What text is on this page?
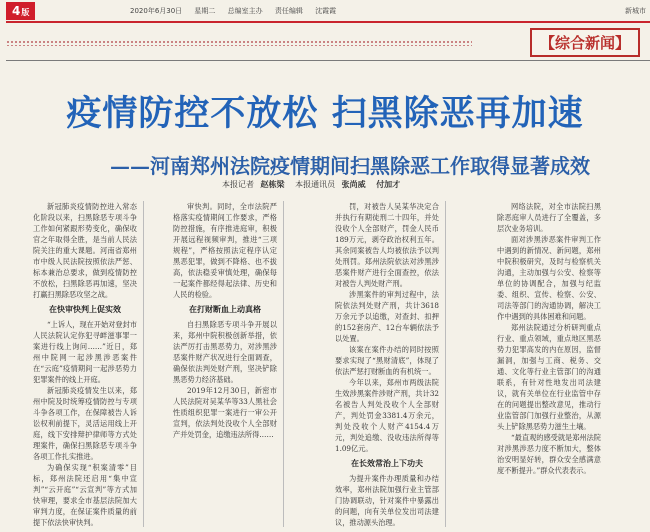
4版	2020年6月30日 星期二 总编室主办 责任编辑 沈霞霞	新城市
【综合新闻】
疫情防控不放松 扫黑除恶再加速
——河南郑州法院疫情期间扫黑除恶工作取得显著成效
本报记者 赵栋梁 本报通讯员 张尚威 付加才

新冠肺炎疫情防控进入常态化阶段以来，扫黑除恶专项斗争工作如何紧跟形势变化，确保收官之年取得全胜，是当前人民法院关注的重大课题。河南省郑州市中级人民法院按照依法严惩、标本兼治总要求，做到疫情防控不放松，扫黑除恶再加速，坚决打赢扫黑除恶攻坚之战。

在快审快判上促实效

“上诉人，现在开始对登封市人民法院认定你犯寻衅滋事罪一案进行线上询问……”近日，郑州中院网一起涉黑涉恶案件在“云庭”疫情期间一起涉恶势力犯罪案件的线上开庭。

新冠肺炎疫情发生以来，郑州中院及时统筹疫情防控与专项斗争各项工作，在保障被告人诉讼权利前提下，灵活运用线上开庭，线下安排辩护律师等方式处理案件，确保扫黑除恶专项斗争各项工作扎实推进。

为确保实现“积案清零”目标，郑州法院还启用“集中宣判”“云开庭”“云宣判”等方式加快审理，要求全市基层法院加大审判力度，在保证案件质量的前提下依法快审快判。

审快判。同时，全市法院严格落实疫情期间工作要求，严格防控措施，有序推进庭审，积极开展远程视频审判，推进“三项规程”，严格按照法定程序认定黑恶犯罪，做到不降格、也不拔高，依法稳妥审慎处理，确保每一起案件都经得起法律、历史和人民的检验。

在打财断血上动真格

自扫黑除恶专项斗争开展以来，郑州中院积极创新举措，依法严厉打击黑恶势力，对涉黑涉恶案件财产状况进行全面调查，确保依法判处财产刑，坚决铲除黑恶势力经济基础。

2019年12月30日，新密市人民法院对吴某华等33人黑社会性质组织犯罪一案进行一审公开宣判，依法判处没收个人全部财产并处罚金，追缴违法所得……

罚，对被告人吴某华决定合并执行有期徒刑二十四年，并处没收个人全部财产，罚金人民币189万元，剥夺政治权利五年。其余同案被告人均被依法予以判处刑罚。郑州法院依法对涉黑涉恶案件财产进行全面查控，依法对被告人判处财产刑。

涉黑案件的审判过程中，法院依法判处财产刑，共计3618万余元予以追缴，对查封、扣押的152套房产、12台车辆依法予以处置。

该案在案件办结的同时按照要求实现了“黑财清底”，体现了依法严惩打财断血的有机统一。

今年以来，郑州市两级法院生效涉黑案件涉财产刑，共计32名被告人判处没收个人全部财产，判处罚金3381.4万余元，判处没收个人财产4154.4万元，判处追缴、没收违法所得等1.09亿元。

在长效常治上下功夫

为提升案件办理质量和办结效率，郑州法院加强行业主管部门协调联动，针对案件中暴露出的问题，向有关单位发出司法建议，推动源头治理。

网络法院，对全市法院扫黑除恶庭审人员进行了全覆盖，多层次业务培训。

面对涉黑涉恶案件审判工作中遇到的新情况、新问题，郑州中院积极研究，及时与检察机关沟通，主动加强与公安、检察等单位的协调配合，加强与纪监委、组织、宣传、检察、公安、司法等部门的沟通协调，解决工作中遇到的具体困难和问题。

郑州法院通过分析研判重点行业、重点领域，重点地区黑恶势力犯罪高发的内在原因，监督漏洞，加强与工商、税务、交通、文化等行业主管部门的沟通联系，有针对性地发出司法建议，就有关单位在行业监管中存在的问题提出整改意见，推动行业监管部门加强行业整治，从源头上铲除黑恶势力滋生土壤。

“最直观的感受就是郑州法院对涉黑涉恶力度不断加大，整体治安明显好转，群众安全感满意度不断提升。”群众代表表示。
